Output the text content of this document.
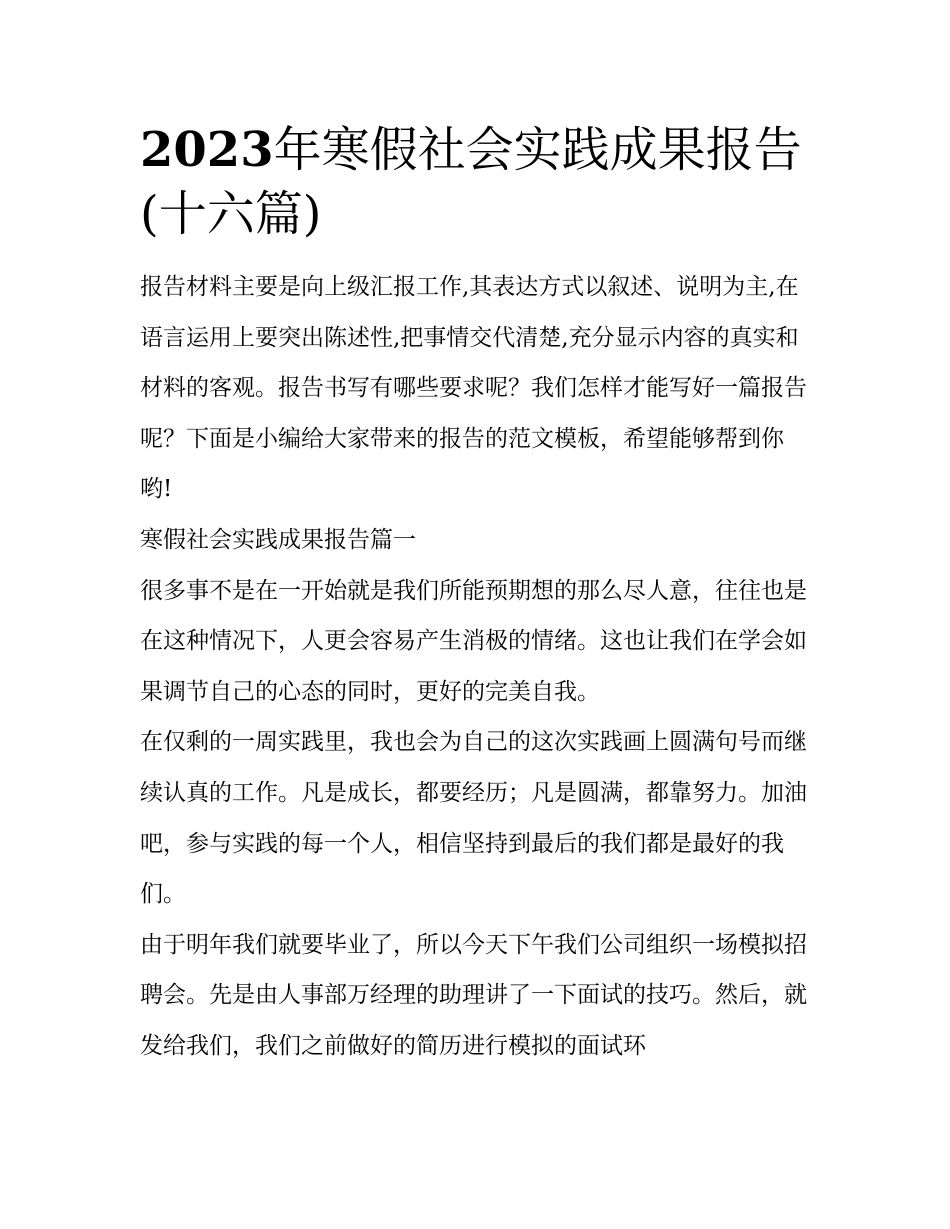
2023年寒假社会实践成果报告(十六篇)

报告材料主要是向上级汇报工作,其表达方式以叙述、说明为主,在语言运用上要突出陈述性,把事情交代清楚,充分显示内容的真实和材料的客观。报告书写有哪些要求呢？我们怎样才能写好一篇报告呢？下面是小编给大家带来的报告的范文模板，希望能够帮到你哟!

寒假社会实践成果报告篇一

很多事不是在一开始就是我们所能预期想的那么尽人意，往往也是在这种情况下，人更会容易产生消极的情绪。这也让我们在学会如果调节自己的心态的同时，更好的完美自我。

在仅剩的一周实践里，我也会为自己的这次实践画上圆满句号而继续认真的工作。凡是成长，都要经历；凡是圆满，都靠努力。加油吧，参与实践的每一个人，相信坚持到最后的我们都是最好的我们。

由于明年我们就要毕业了，所以今天下午我们公司组织一场模拟招聘会。先是由人事部万经理的助理讲了一下面试的技巧。然后，就发给我们，我们之前做好的简历进行模拟的面试环
